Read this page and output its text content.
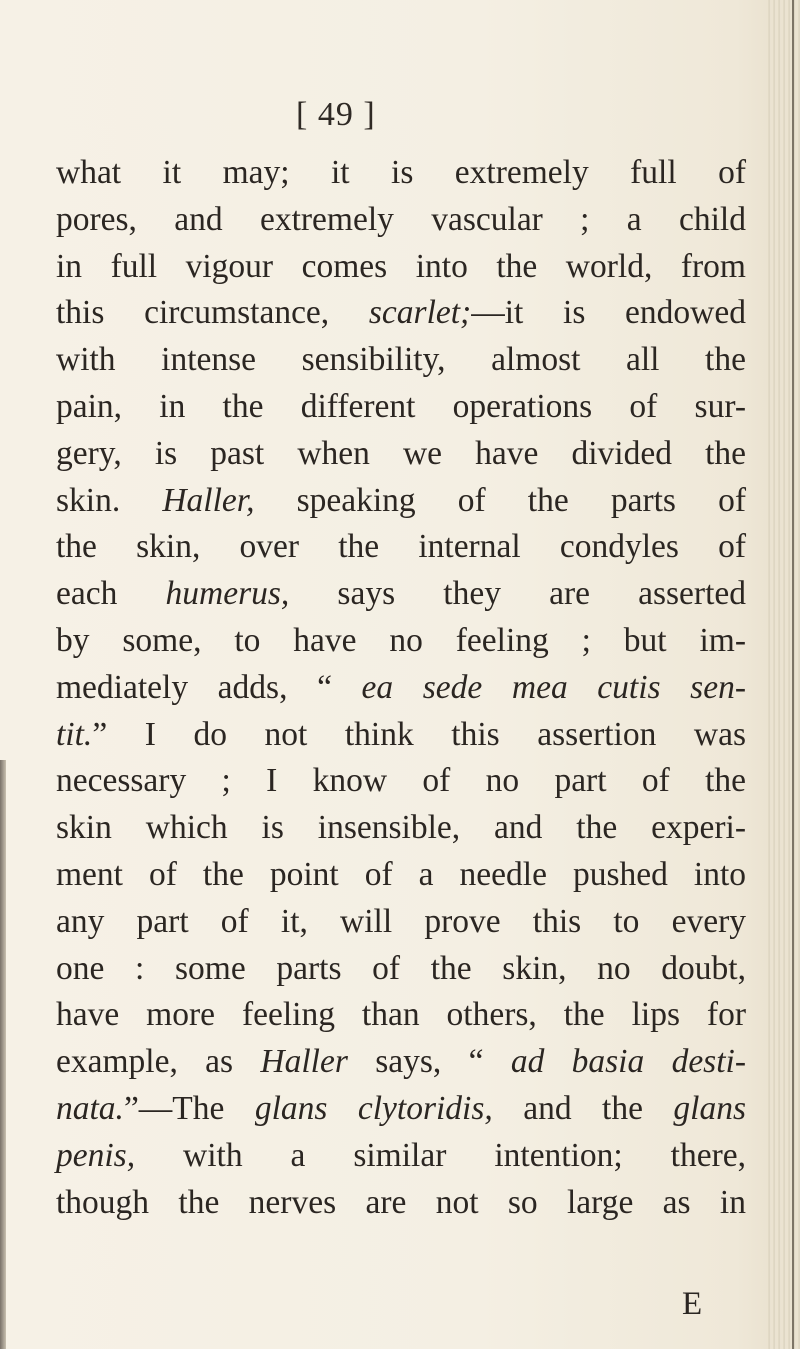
[ 49 ]
what it may; it is extremely full of
pores, and extremely vascular ; a child
in full vigour comes into the world, from
this circumstance, scarlet;—it is endowed
with intense sensibility, almost all the
pain, in the different operations of sur-
gery, is past when we have divided the
skin. Haller, speaking of the parts of
the skin, over the internal condyles of
each humerus, says they are asserted
by some, to have no feeling ; but im-
mediately adds, “ ea sede mea cutis sen-
tit.” I do not think this assertion was
necessary ; I know of no part of the
skin which is insensible, and the experi-
ment of the point of a needle pushed into
any part of it, will prove this to every
one : some parts of the skin, no doubt,
have more feeling than others, the lips for
example, as Haller says, “ ad basia desti-
nata.”—The glans clytoridis, and the glans
penis, with a similar intention; there,
though the nerves are not so large as in
E
